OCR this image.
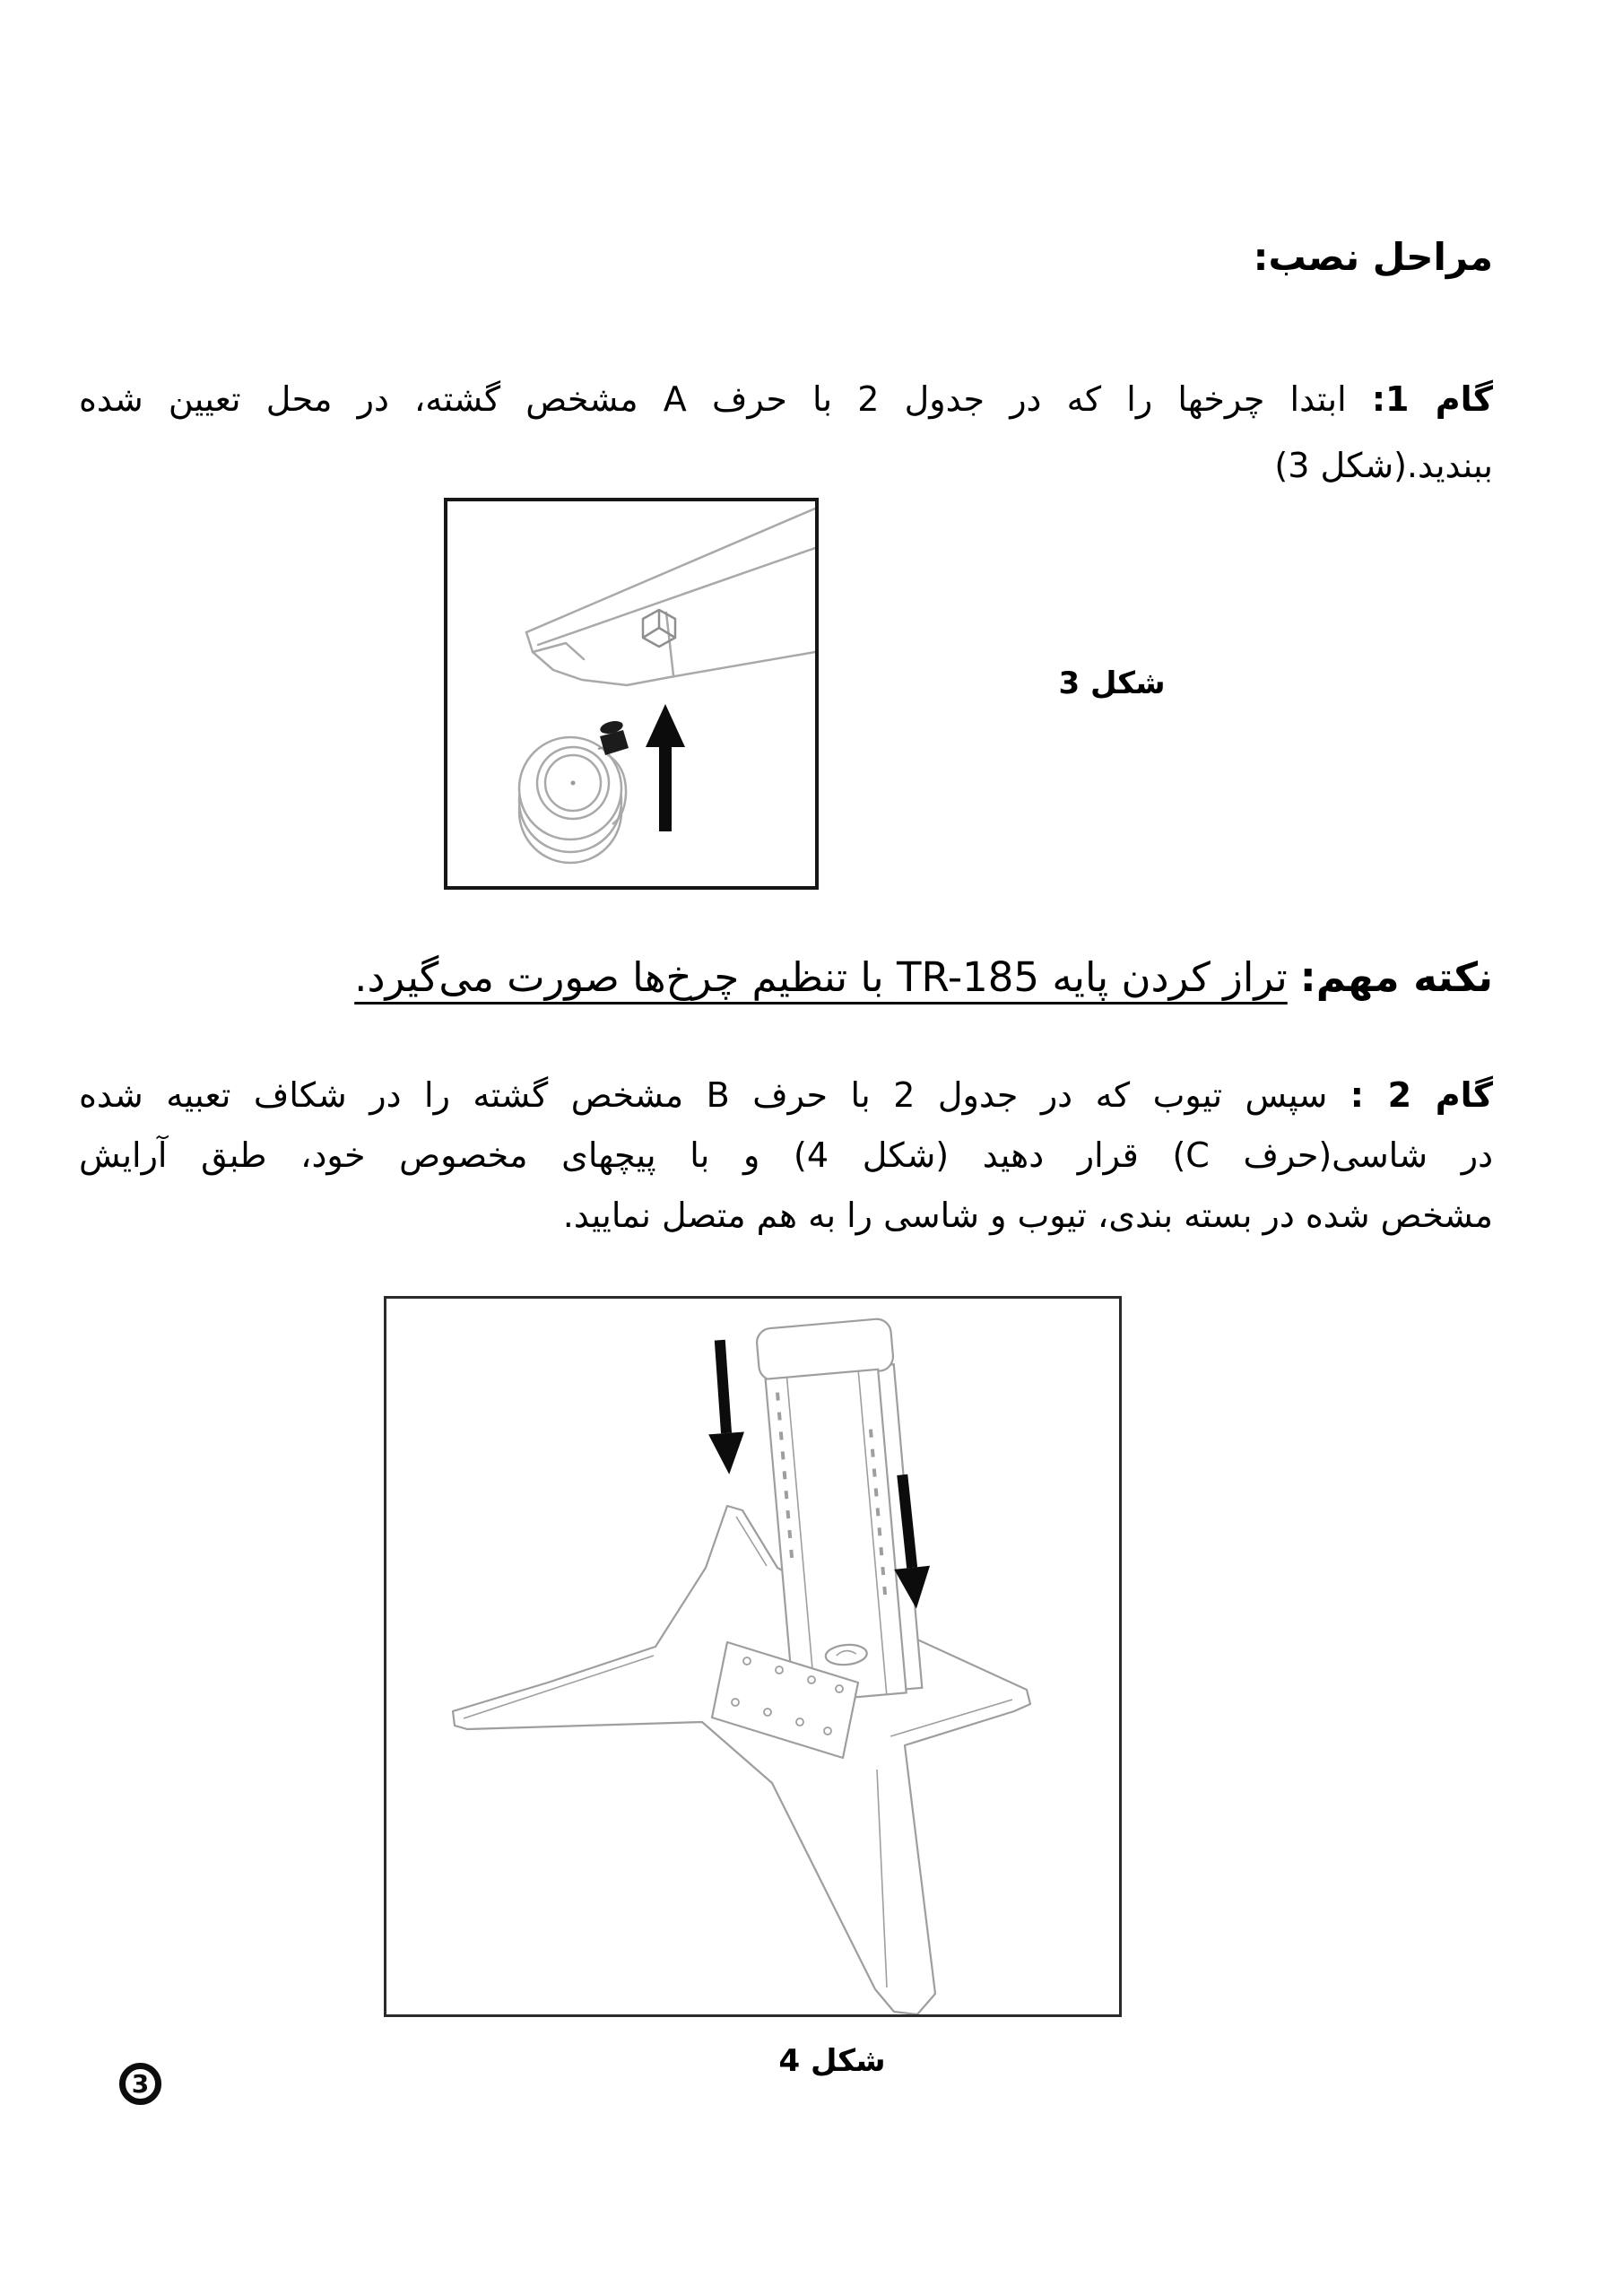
مراحل نصب:
گام 1: ابتدا چرخها را که در جدول 2 با حرف A مشخص گشته، در محل تعیین شده
ببندید.(شکل 3)
شکل 3
نکته مهم:تراز کردن پایه TR-185 با تنظیم چرخ‌ها صورت می‌گیرد.
گام 2 : سپس تیوب که در جدول 2 با حرف B مشخص گشته را در شکاف تعبیه شده
در شاسی(حرف C) قرار دهید (شکل 4) و با پیچهای مخصوص خود، طبق آرایش
مشخص شده در بسته بندی، تیوب و شاسی را به هم متصل نمایید.
شکل 4
3
